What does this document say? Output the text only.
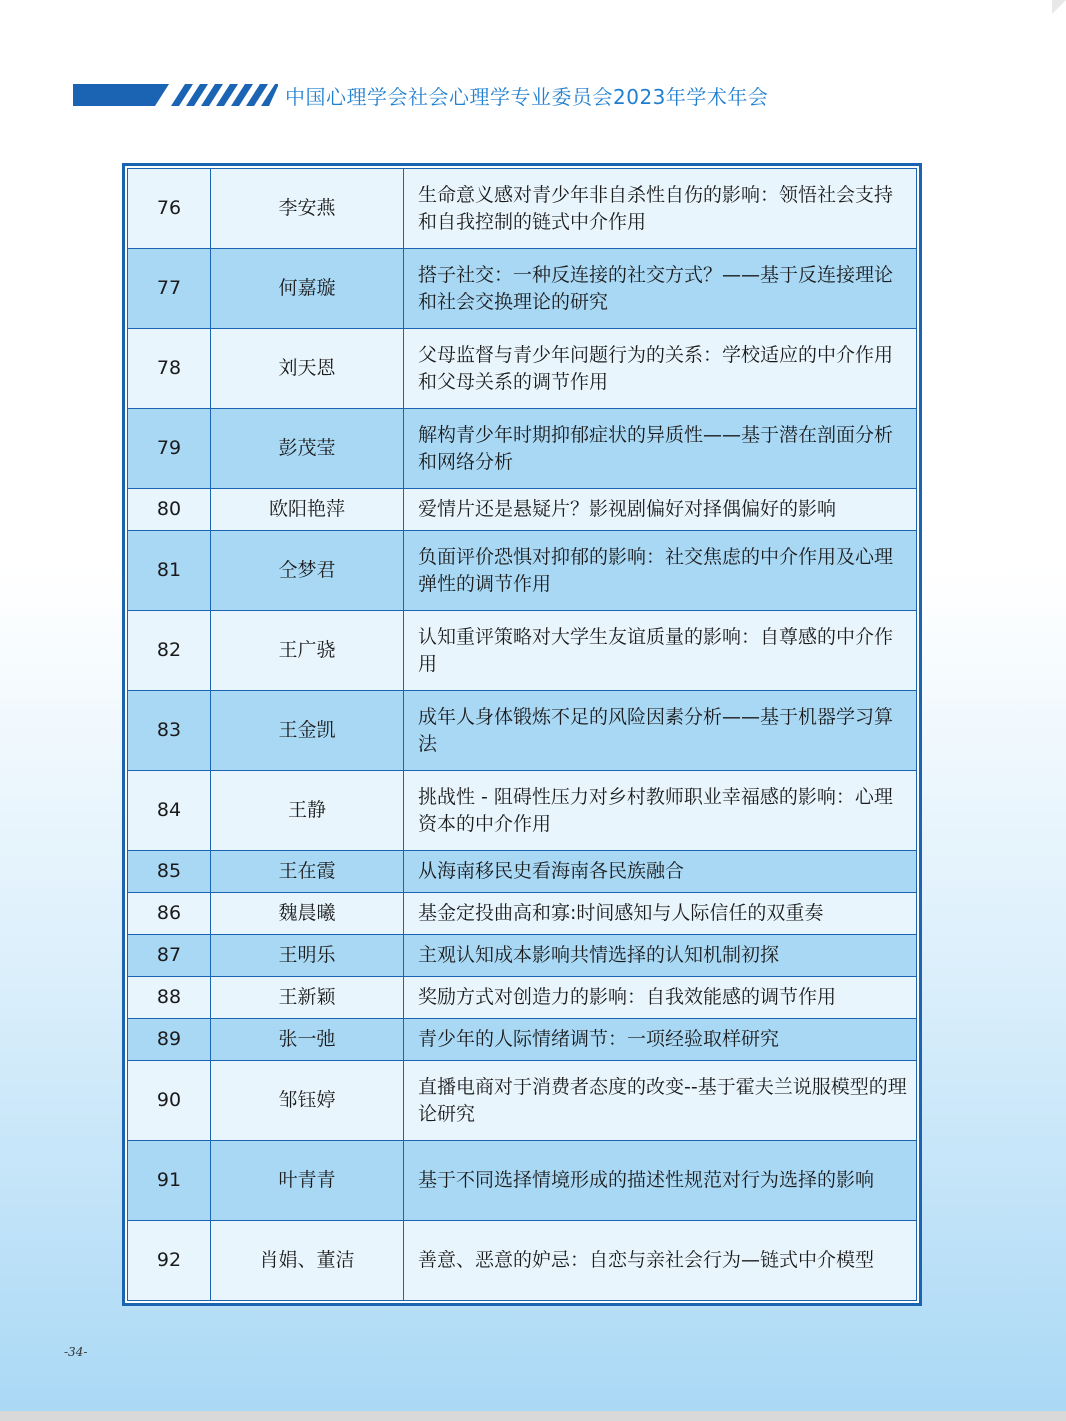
中国心理学会社会心理学专业委员会2023年学术年会
76	李安燕	生命意义感对青少年非自杀性自伤的影响：领悟社会支持和自我控制的链式中介作用
77	何嘉璇	搭子社交：一种反连接的社交方式？——基于反连接理论和社会交换理论的研究
78	刘天恩	父母监督与青少年问题行为的关系：学校适应的中介作用和父母关系的调节作用
79	彭茂莹	解构青少年时期抑郁症状的异质性——基于潜在剖面分析和网络分析
80	欧阳艳萍	爱情片还是悬疑片？影视剧偏好对择偶偏好的影响
81	仝梦君	负面评价恐惧对抑郁的影响：社交焦虑的中介作用及心理弹性的调节作用
82	王广骁	认知重评策略对大学生友谊质量的影响：自尊感的中介作用
83	王金凯	成年人身体锻炼不足的风险因素分析——基于机器学习算法
84	王静	挑战性 - 阻碍性压力对乡村教师职业幸福感的影响：心理资本的中介作用
85	王在霞	从海南移民史看海南各民族融合
86	魏晨曦	基金定投曲高和寡:时间感知与人际信任的双重奏
87	王明乐	主观认知成本影响共情选择的认知机制初探
88	王新颖	奖励方式对创造力的影响：自我效能感的调节作用
89	张一弛	青少年的人际情绪调节：一项经验取样研究
90	邹钰婷	直播电商对于消费者态度的改变--基于霍夫兰说服模型的理论研究
91	叶青青	基于不同选择情境形成的描述性规范对行为选择的影响
92	肖娟、董洁	善意、恶意的妒忌：自恋与亲社会行为—链式中介模型
-34-
